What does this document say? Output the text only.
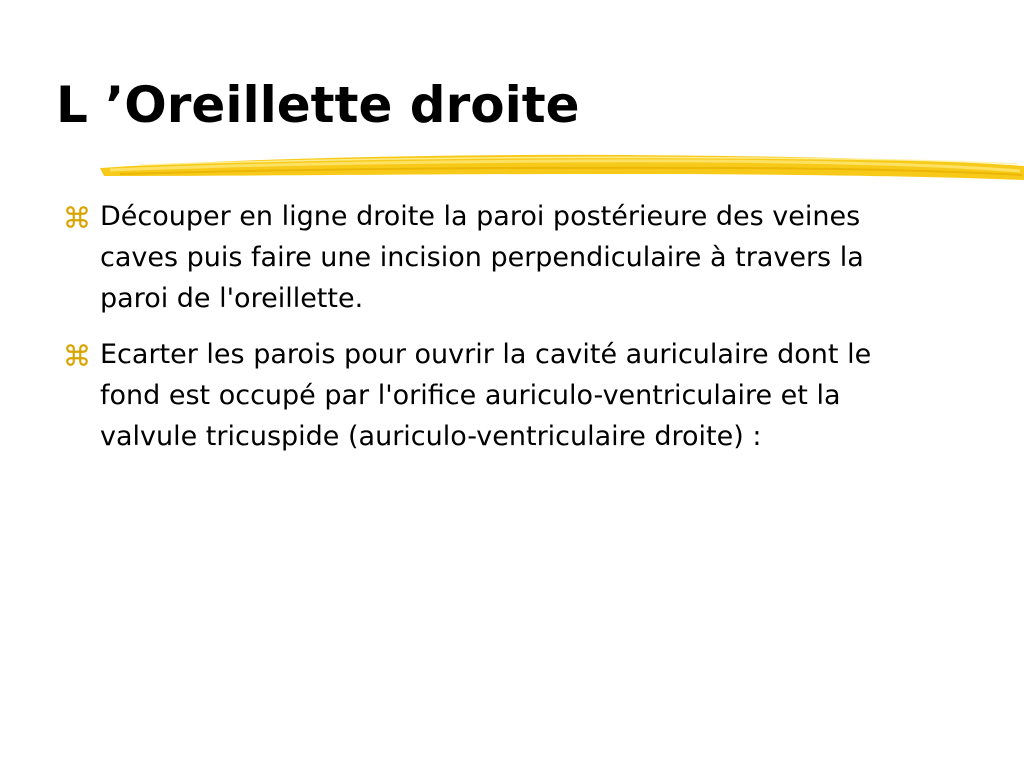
L ’Oreillette droite
Découper en ligne droite la paroi postérieure des veines caves puis faire une incision perpendiculaire à travers la paroi de l'oreillette.
Ecarter les parois pour ouvrir la cavité auriculaire dont le fond est occupé par l'orifice auriculo-ventriculaire et la valvule tricuspide (auriculo-ventriculaire droite) :
